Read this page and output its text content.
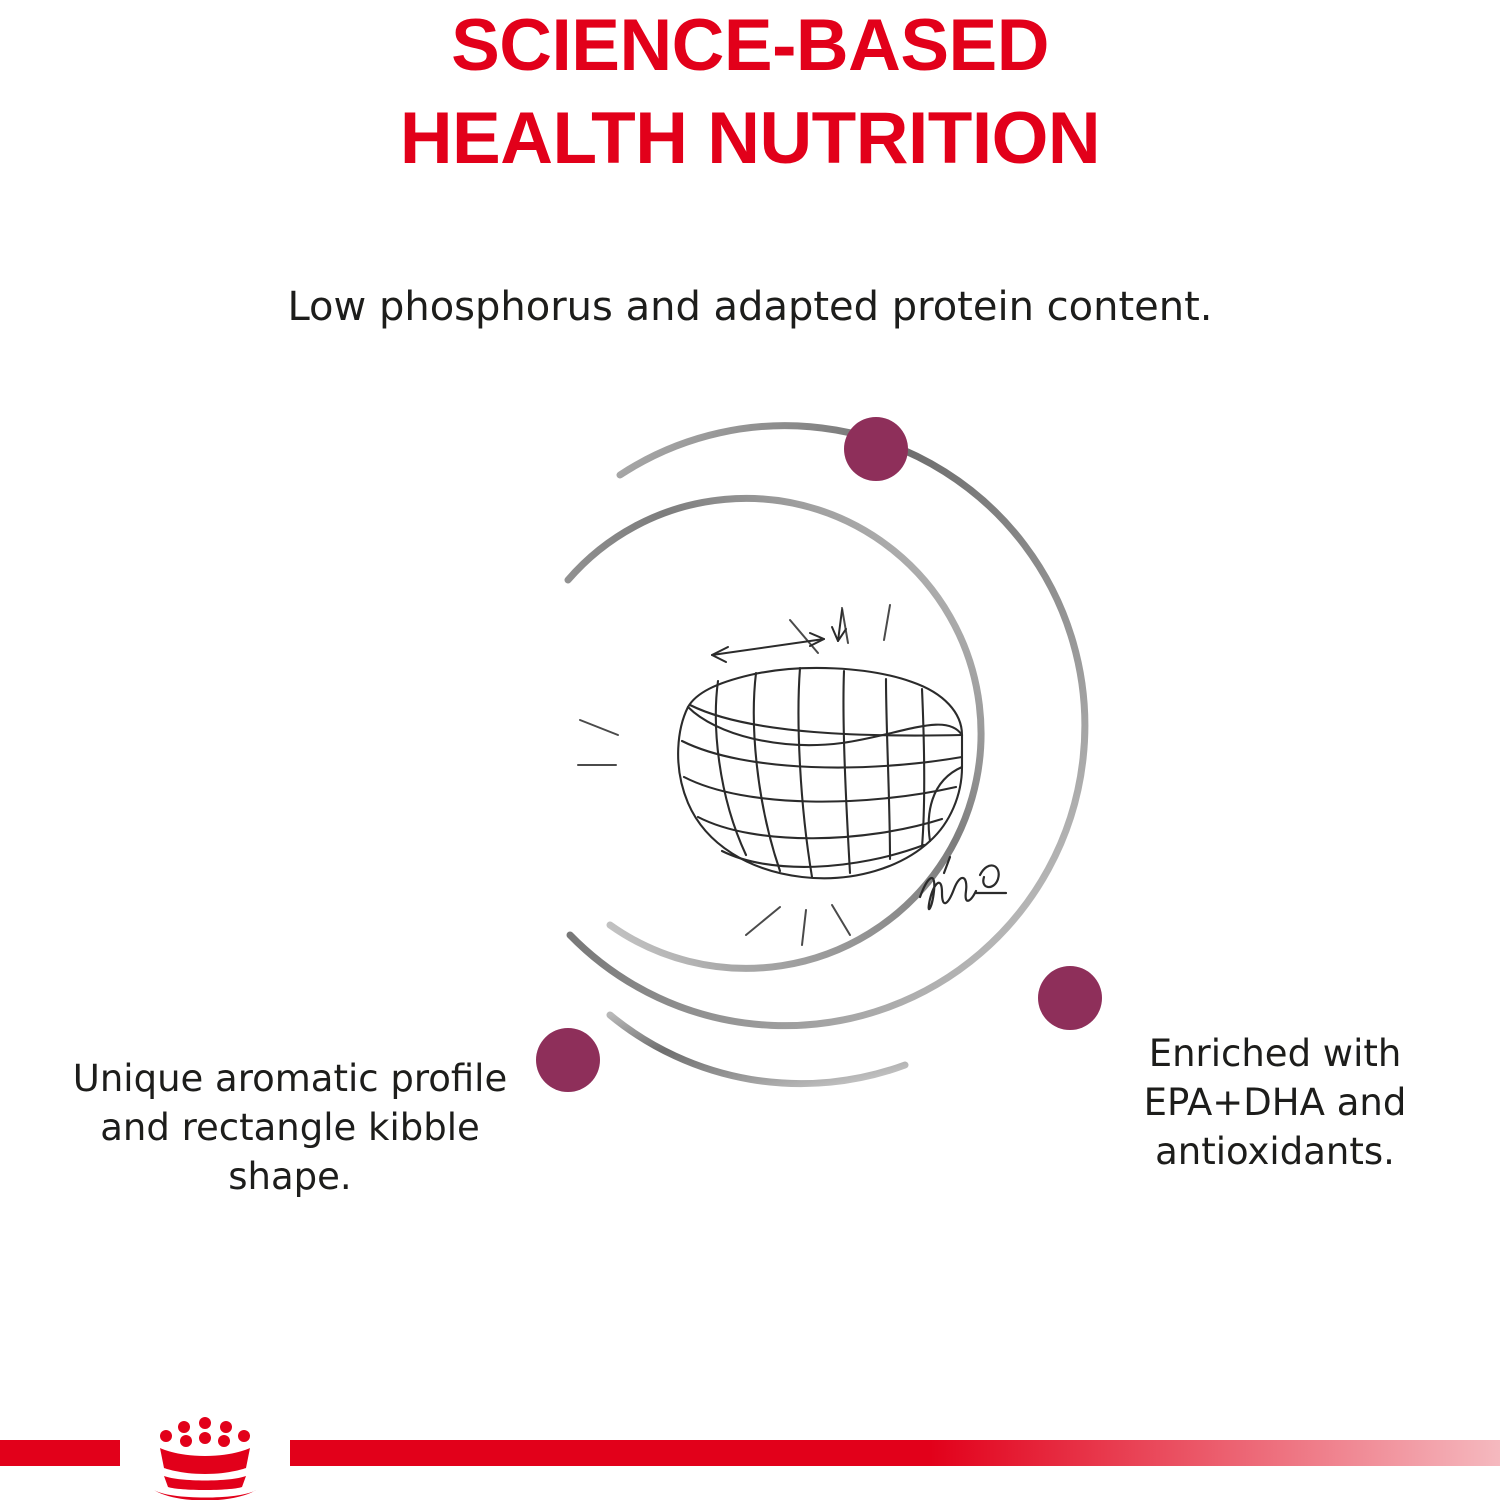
SCIENCE-BASED
HEALTH NUTRITION
Low phosphorus and adapted protein content.
Unique aromatic profile and rectangle kibble shape.
Enriched with EPA+DHA and antioxidants.
